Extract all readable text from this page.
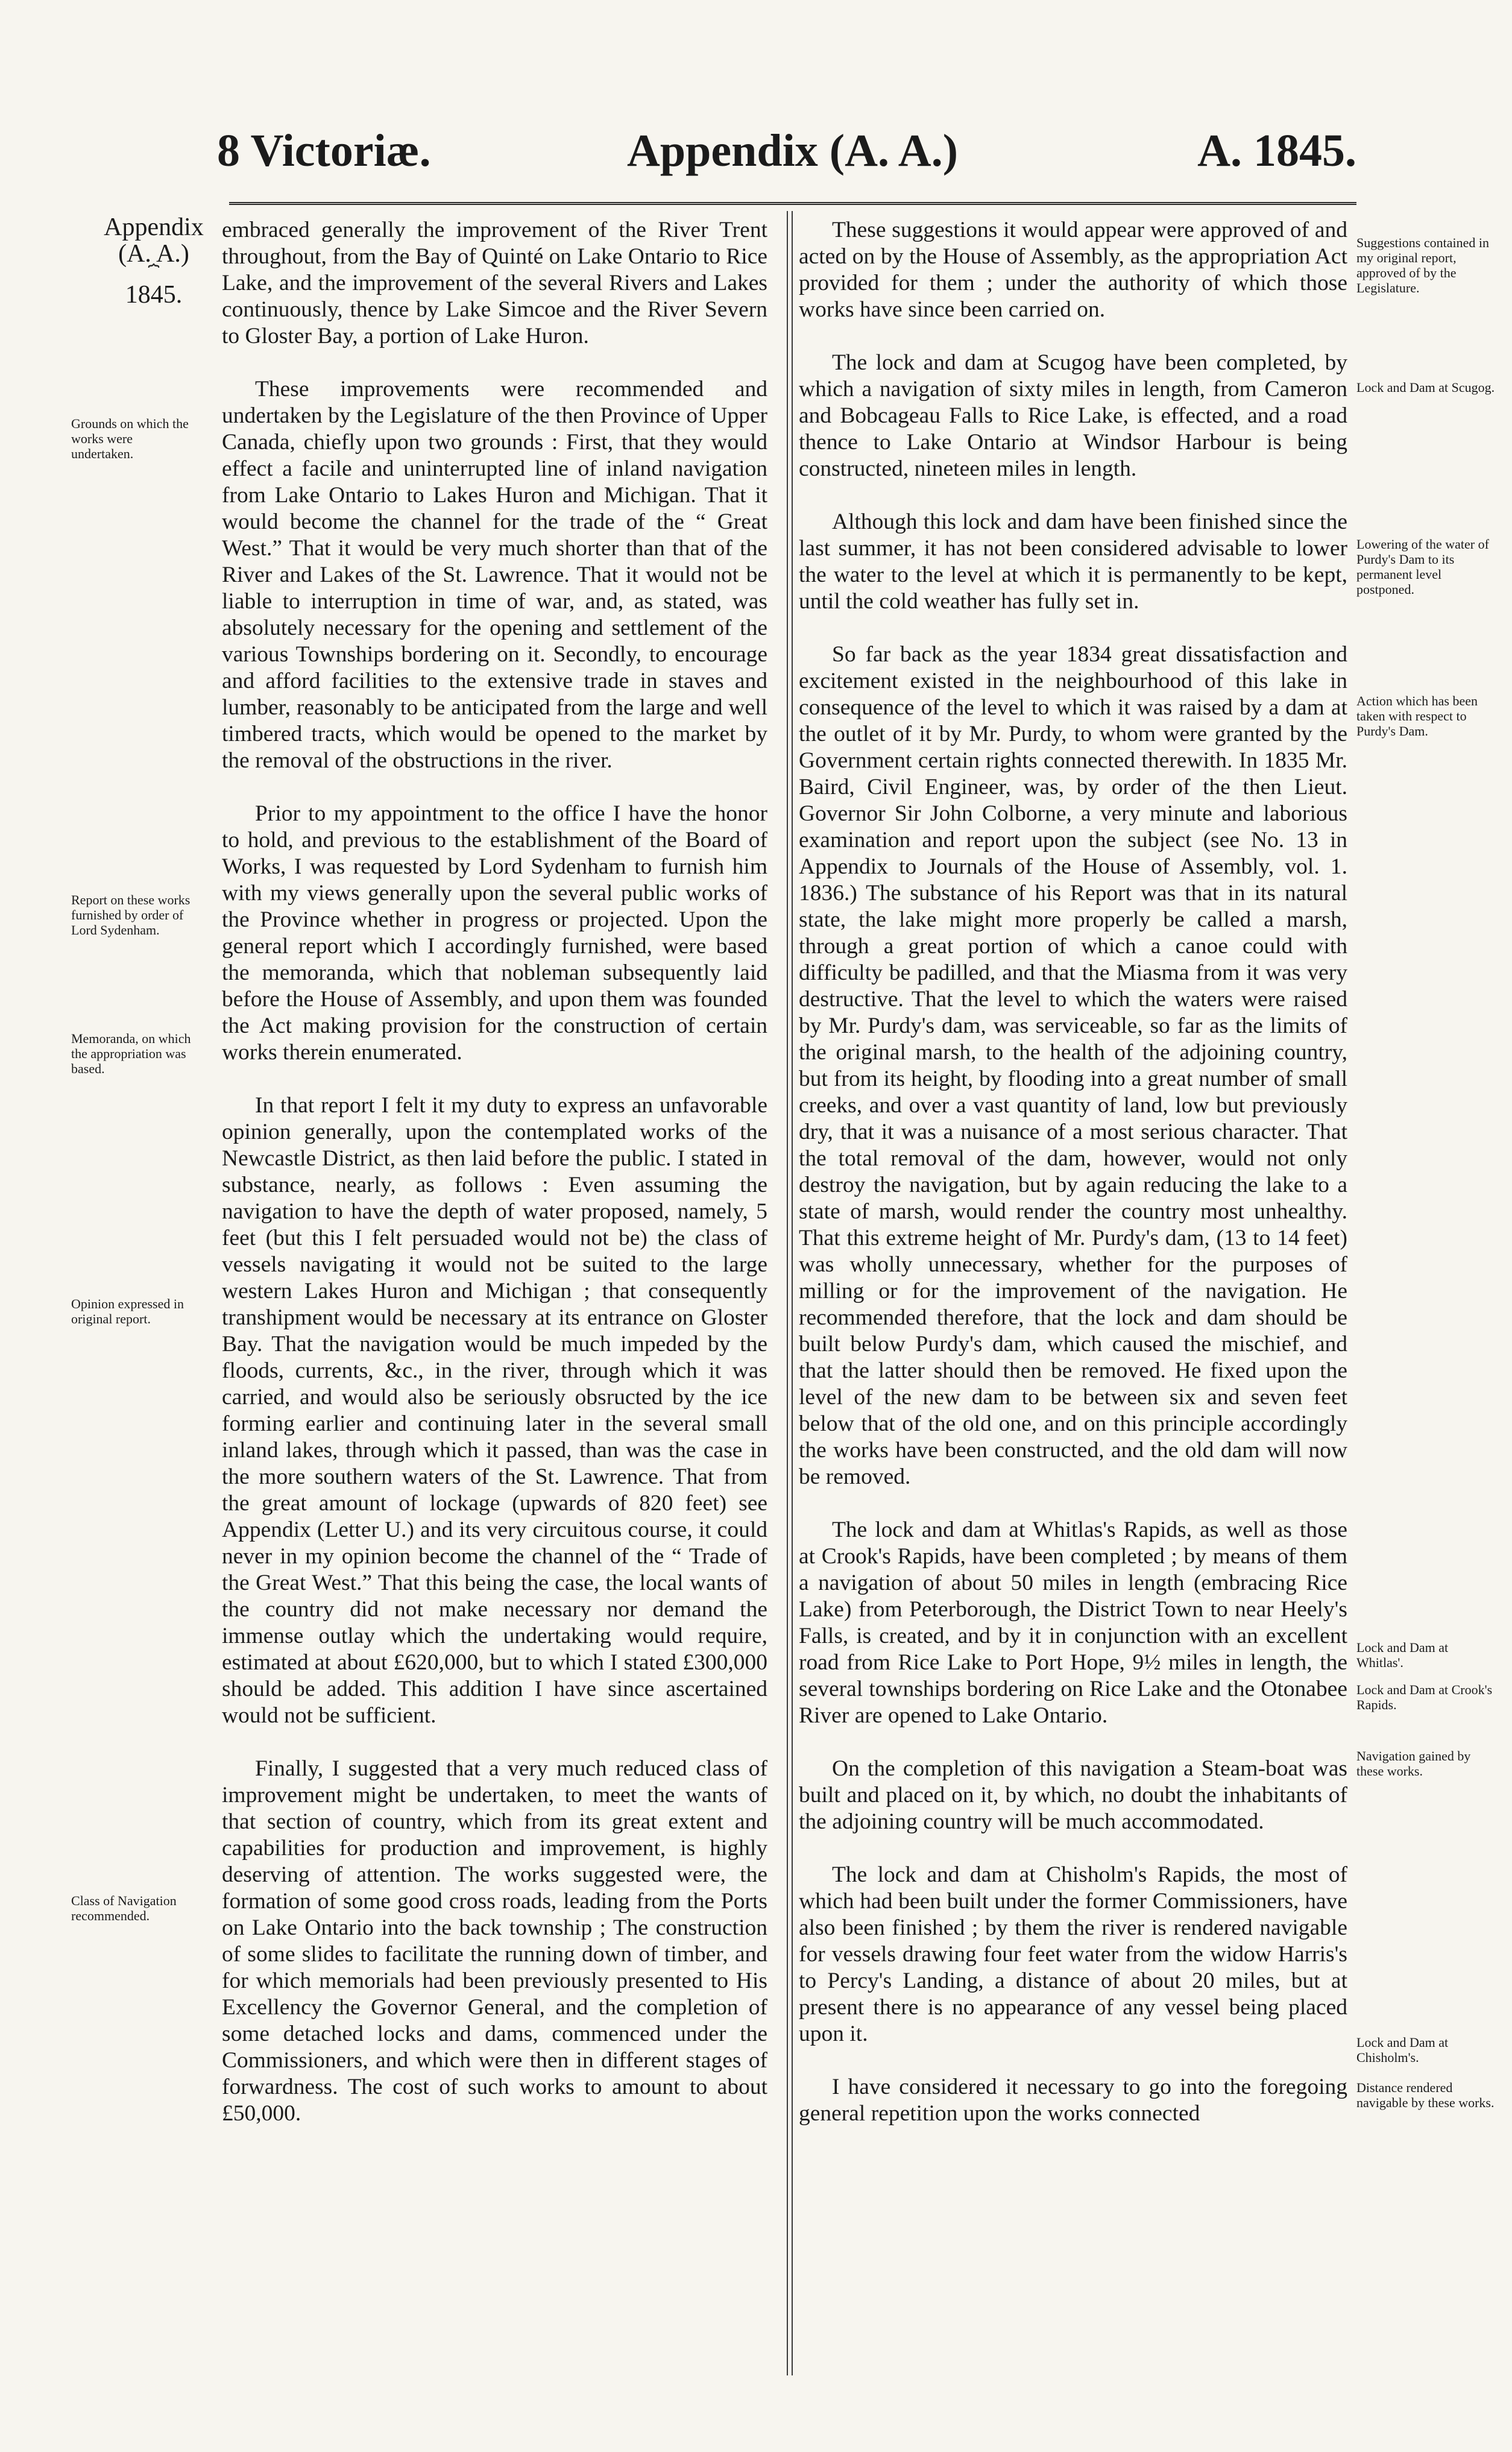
8 Victoriæ.	Appendix (A. A.)	A. 1845.
Appendix
(A. A.)
⏞
1845.
Grounds on which the works were undertaken.
Report on these works furnished by order of Lord Sydenham.
Memoranda, on which the appropriation was based.
Opinion expressed in original report.
Class of Navigation recommended.
Suggestions contained in my original report, approved of by the Legislature.
Lock and Dam at Scugog.
Lowering of the water of Purdy's Dam to its permanent level postponed.
Action which has been taken with respect to Purdy's Dam.
Lock and Dam at Whitlas'.
Lock and Dam at Crook's Rapids.
Navigation gained by these works.
Lock and Dam at Chisholm's.
Distance rendered navigable by these works.

embraced generally the improvement of the River Trent throughout, from the Bay of Quinté on Lake Ontario to Rice Lake, and the improvement of the several Rivers and Lakes continuously, thence by Lake Simcoe and the River Severn to Gloster Bay, a portion of Lake Huron.

These improvements were recommended and undertaken by the Legislature of the then Province of Upper Canada, chiefly upon two grounds : First, that they would effect a facile and uninterrupted line of inland navigation from Lake Ontario to Lakes Huron and Michigan. That it would become the channel for the trade of the “ Great West.” That it would be very much shorter than that of the River and Lakes of the St. Lawrence. That it would not be liable to interruption in time of war, and, as stated, was absolutely necessary for the opening and settlement of the various Townships bordering on it. Secondly, to encourage and afford facilities to the extensive trade in staves and lumber, reasonably to be anticipated from the large and well timbered tracts, which would be opened to the market by the removal of the obstructions in the river.

Prior to my appointment to the office I have the honor to hold, and previous to the establishment of the Board of Works, I was requested by Lord Sydenham to furnish him with my views generally upon the several public works of the Province whether in progress or projected. Upon the general report which I accordingly furnished, were based the memoranda, which that nobleman subsequently laid before the House of Assembly, and upon them was founded the Act making provision for the construction of certain works therein enumerated.

In that report I felt it my duty to express an unfavorable opinion generally, upon the contemplated works of the Newcastle District, as then laid before the public. I stated in substance, nearly, as follows : Even assuming the navigation to have the depth of water proposed, namely, 5 feet (but this I felt persuaded would not be) the class of vessels navigating it would not be suited to the large western Lakes Huron and Michigan ; that consequently transhipment would be necessary at its entrance on Gloster Bay. That the navigation would be much impeded by the floods, currents, &c., in the river, through which it was carried, and would also be seriously obsructed by the ice forming earlier and continuing later in the several small inland lakes, through which it passed, than was the case in the more southern waters of the St. Lawrence. That from the great amount of lockage (upwards of 820 feet) see Appendix (Letter U.) and its very circuitous course, it could never in my opinion become the channel of the “ Trade of the Great West.” That this being the case, the local wants of the country did not make necessary nor demand the immense outlay which the undertaking would require, estimated at about £620,000, but to which I stated £300,000 should be added. This addition I have since ascertained would not be sufficient.

Finally, I suggested that a very much reduced class of improvement might be undertaken, to meet the wants of that section of country, which from its great extent and capabilities for production and improvement, is highly deserving of attention. The works suggested were, the formation of some good cross roads, leading from the Ports on Lake Ontario into the back township ; The construction of some slides to facilitate the running down of timber, and for which memorials had been previously presented to His Excellency the Governor General, and the completion of some detached locks and dams, commenced under the Commissioners, and which were then in different stages of forwardness. The cost of such works to amount to about £50,000.

These suggestions it would appear were approved of and acted on by the House of Assembly, as the appropriation Act provided for them ; under the authority of which those works have since been carried on.

The lock and dam at Scugog have been completed, by which a navigation of sixty miles in length, from Cameron and Bobcageau Falls to Rice Lake, is effected, and a road thence to Lake Ontario at Windsor Harbour is being constructed, nineteen miles in length.

Although this lock and dam have been finished since the last summer, it has not been considered advisable to lower the water to the level at which it is permanently to be kept, until the cold weather has fully set in.

So far back as the year 1834 great dissatisfaction and excitement existed in the neighbourhood of this lake in consequence of the level to which it was raised by a dam at the outlet of it by Mr. Purdy, to whom were granted by the Government certain rights connected therewith. In 1835 Mr. Baird, Civil Engineer, was, by order of the then Lieut. Governor Sir John Colborne, a very minute and laborious examination and report upon the subject (see No. 13 in Appendix to Journals of the House of Assembly, vol. 1. 1836.) The substance of his Report was that in its natural state, the lake might more properly be called a marsh, through a great portion of which a canoe could with difficulty be padilled, and that the Miasma from it was very destructive. That the level to which the waters were raised by Mr. Purdy's dam, was serviceable, so far as the limits of the original marsh, to the health of the adjoining country, but from its height, by flooding into a great number of small creeks, and over a vast quantity of land, low but previously dry, that it was a nuisance of a most serious character. That the total removal of the dam, however, would not only destroy the navigation, but by again reducing the lake to a state of marsh, would render the country most unhealthy. That this extreme height of Mr. Purdy's dam, (13 to 14 feet) was wholly unnecessary, whether for the purposes of milling or for the improvement of the navigation. He recommended therefore, that the lock and dam should be built below Purdy's dam, which caused the mischief, and that the latter should then be removed. He fixed upon the level of the new dam to be between six and seven feet below that of the old one, and on this principle accordingly the works have been constructed, and the old dam will now be removed.

The lock and dam at Whitlas's Rapids, as well as those at Crook's Rapids, have been completed ; by means of them a navigation of about 50 miles in length (embracing Rice Lake) from Peterborough, the District Town to near Heely's Falls, is created, and by it in conjunction with an excellent road from Rice Lake to Port Hope, 9½ miles in length, the several townships bordering on Rice Lake and the Otonabee River are opened to Lake Ontario.

On the completion of this navigation a Steam-boat was built and placed on it, by which, no doubt the inhabitants of the adjoining country will be much accommodated.

The lock and dam at Chisholm's Rapids, the most of which had been built under the former Commissioners, have also been finished ; by them the river is rendered navigable for vessels drawing four feet water from the widow Harris's to Percy's Landing, a distance of about 20 miles, but at present there is no appearance of any vessel being placed upon it.

I have considered it necessary to go into the foregoing general repetition upon the works connected
